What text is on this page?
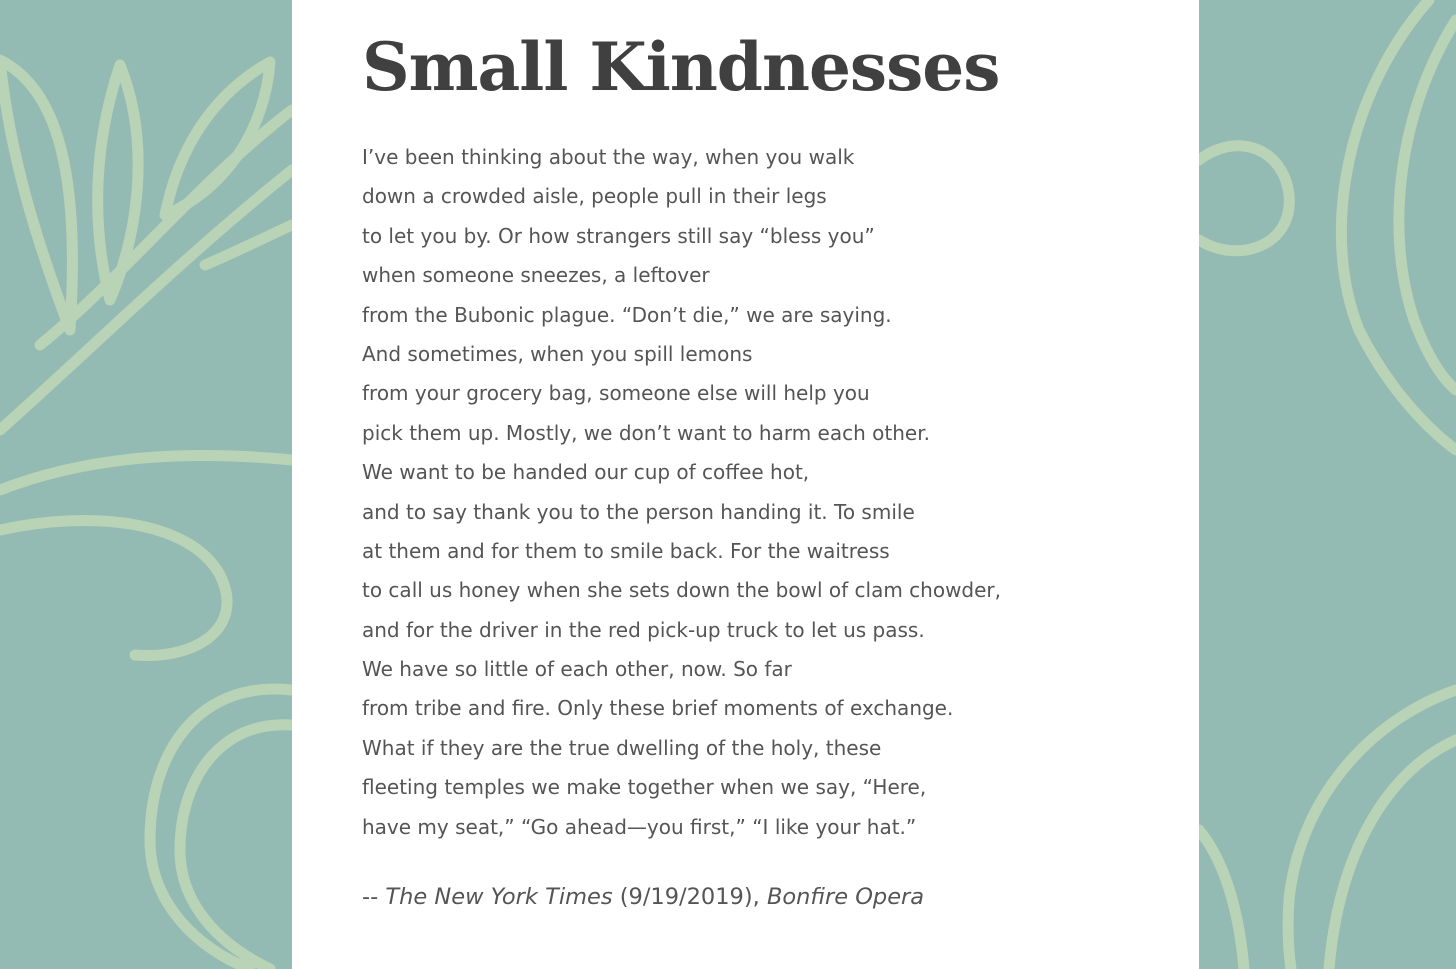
Small Kindnesses
I’ve been thinking about the way, when you walk
down a crowded aisle, people pull in their legs
to let you by. Or how strangers still say “bless you”
when someone sneezes, a leftover
from the Bubonic plague. “Don’t die,” we are saying.
And sometimes, when you spill lemons
from your grocery bag, someone else will help you
pick them up. Mostly, we don’t want to harm each other.
We want to be handed our cup of coffee hot,
and to say thank you to the person handing it. To smile
at them and for them to smile back. For the waitress
to call us honey when she sets down the bowl of clam chowder,
and for the driver in the red pick-up truck to let us pass.
We have so little of each other, now. So far
from tribe and fire. Only these brief moments of exchange.
What if they are the true dwelling of the holy, these
fleeting temples we make together when we say, “Here,
have my seat,” “Go ahead—you first,” “I like your hat.”

-- The New York Times (9/19/2019), Bonfire Opera
